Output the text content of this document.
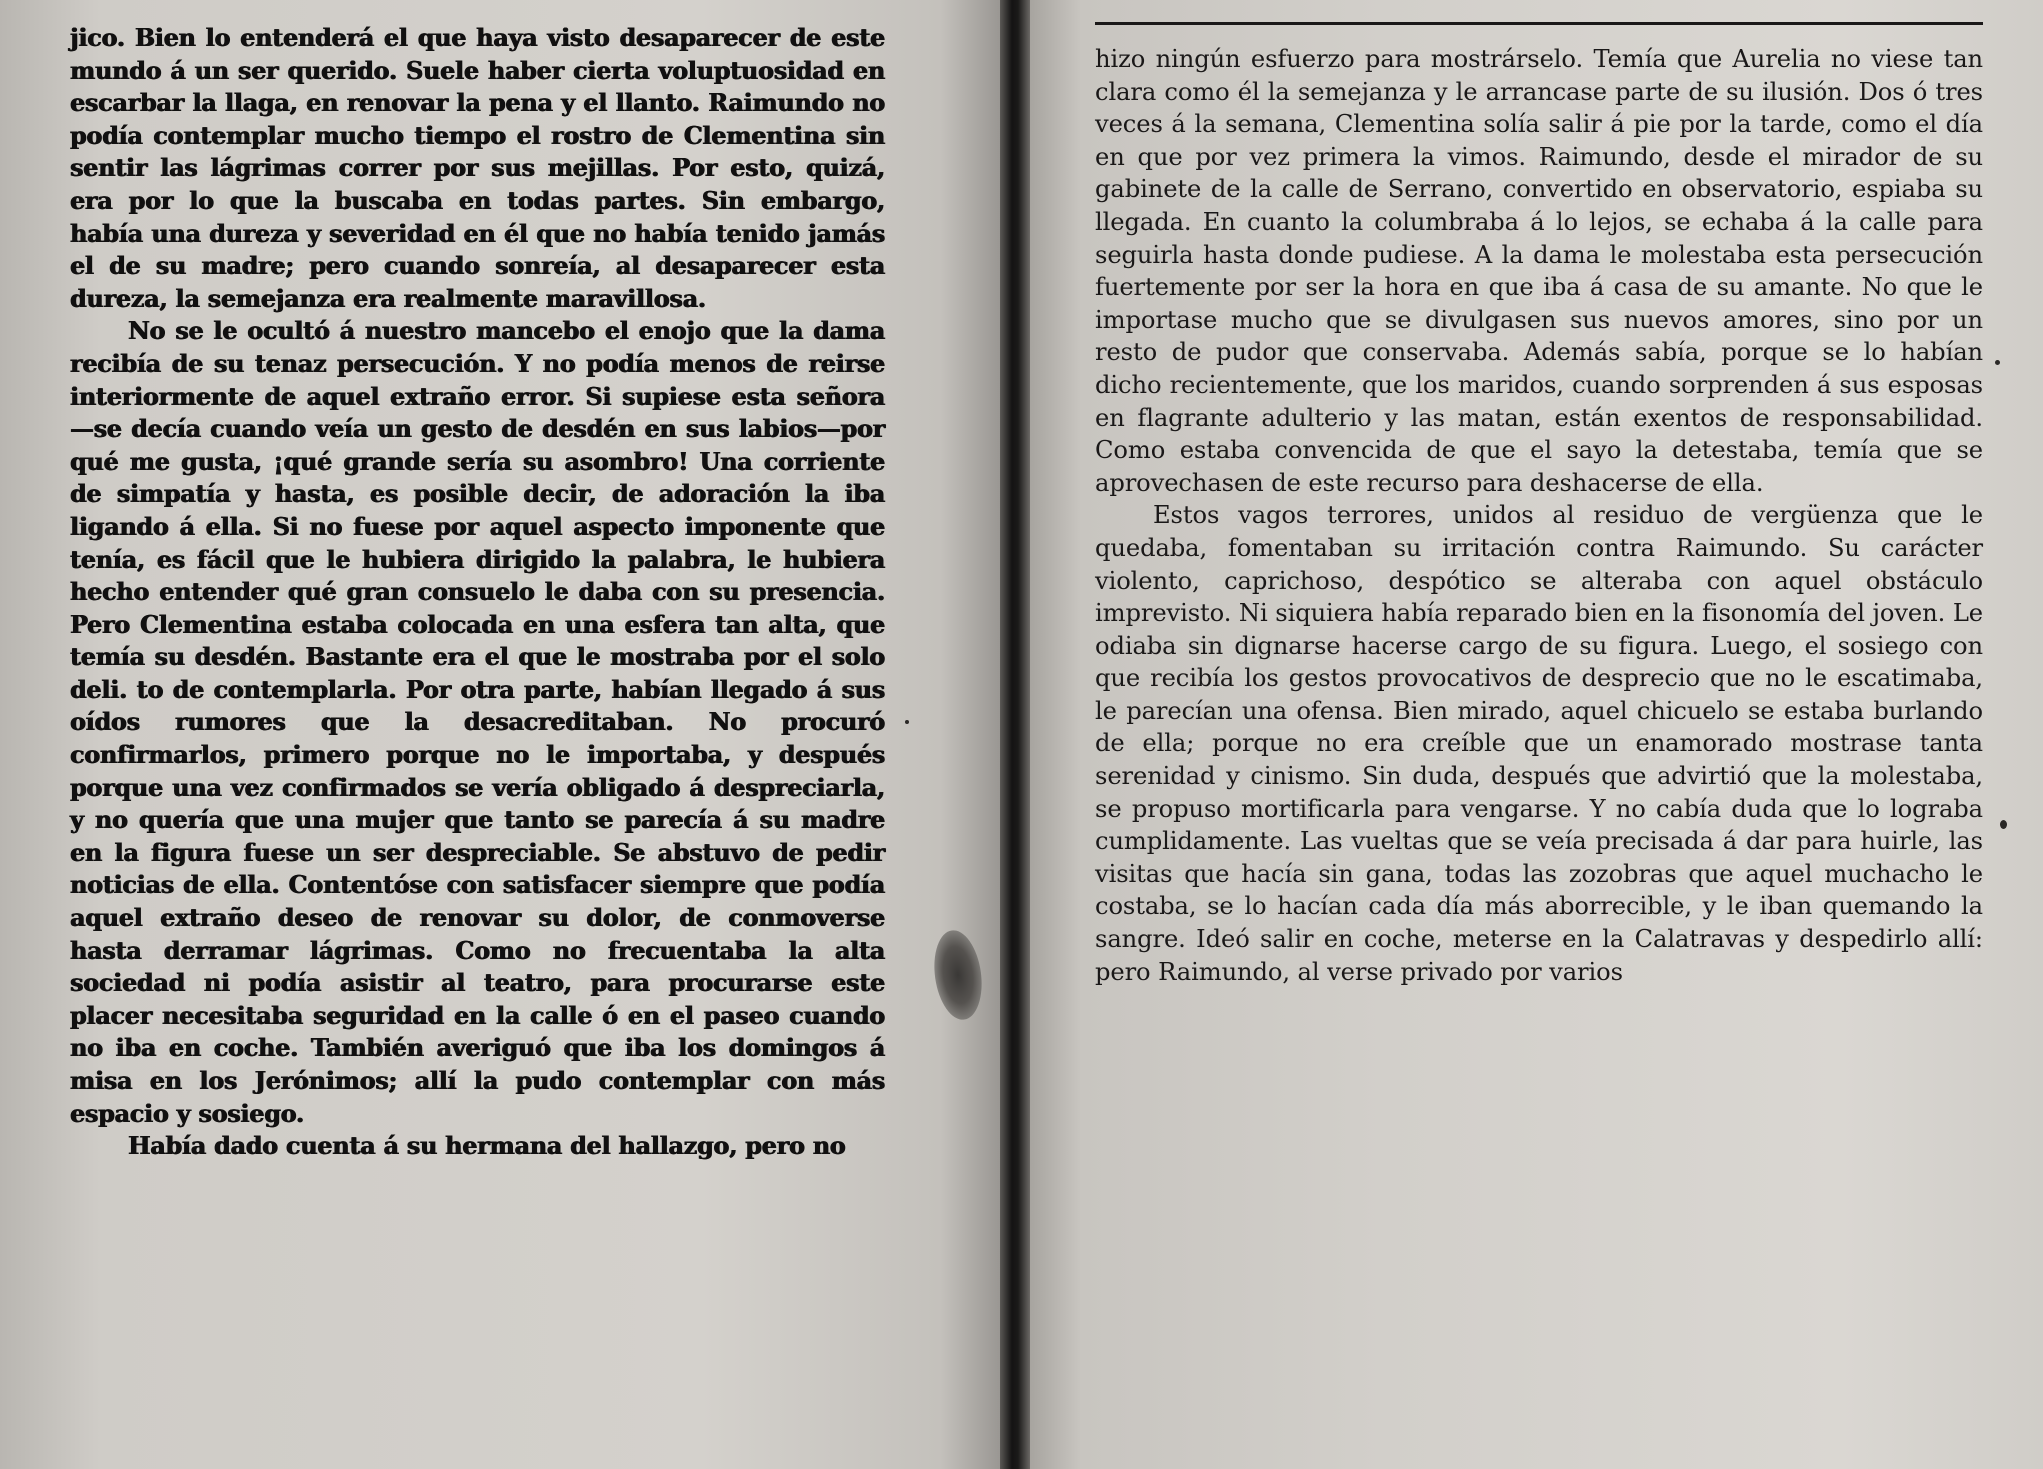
jico. Bien lo entenderá el que haya visto desaparecer de este mundo á un ser querido. Suele haber cierta voluptuosidad en escarbar la llaga, en renovar la pena y el llanto. Raimundo no podía contemplar mucho tiempo el rostro de Clementina sin sentir las lágrimas correr por sus mejillas. Por esto, quizá, era por lo que la buscaba en todas partes. Sin embargo, había una dureza y severidad en él que no había tenido jamás el de su madre; pero cuando sonreía, al desaparecer esta dureza, la semejanza era realmente maravillosa.

No se le ocultó á nuestro mancebo el enojo que la dama recibía de su tenaz persecución. Y no podía menos de reirse interiormente de aquel extraño error. Si supiese esta señora—se decía cuando veía un gesto de desdén en sus labios—por qué me gusta, ¡qué grande sería su asombro! Una corriente de simpatía y hasta, es posible decir, de adoración la iba ligando á ella. Si no fuese por aquel aspecto imponente que tenía, es fácil que le hubiera dirigido la palabra, le hubiera hecho entender qué gran consuelo le daba con su presencia. Pero Clementina estaba colocada en una esfera tan alta, que temía su desdén. Bastante era el que le mostraba por el solo deli. to de contemplarla. Por otra parte, habían llegado á sus oídos rumores que la desacreditaban. No procuró confirmarlos, primero porque no le importaba, y después porque una vez confirmados se vería obligado á despreciarla, y no quería que una mujer que tanto se parecía á su madre en la figura fuese un ser despreciable. Se abstuvo de pedir noticias de ella. Contentóse con satisfacer siempre que podía aquel extraño deseo de renovar su dolor, de conmoverse hasta derramar lágrimas. Como no frecuentaba la alta sociedad ni podía asistir al teatro, para procurarse este placer necesitaba seguridad en la calle ó en el paseo cuando no iba en coche. También averiguó que iba los domingos á misa en los Jerónimos; allí la pudo contemplar con más espacio y sosiego.

Había dado cuenta á su hermana del hallazgo, pero no

hizo ningún esfuerzo para mostrárselo. Temía que Aurelia no viese tan clara como él la semejanza y le arrancase parte de su ilusión. Dos ó tres veces á la semana, Clementina solía salir á pie por la tarde, como el día en que por vez primera la vimos. Raimundo, desde el mirador de su gabinete de la calle de Serrano, convertido en observatorio, espiaba su llegada. En cuanto la columbraba á lo lejos, se echaba á la calle para seguirla hasta donde pudiese. A la dama le molestaba esta persecución fuertemente por ser la hora en que iba á casa de su amante. No que le importase mucho que se divulgasen sus nuevos amores, sino por un resto de pudor que conservaba. Además sabía, porque se lo habían dicho recientemente, que los maridos, cuando sorprenden á sus esposas en flagrante adulterio y las matan, están exentos de responsabilidad. Como estaba convencida de que el sayo la detestaba, temía que se aprovechasen de este recurso para deshacerse de ella.

Estos vagos terrores, unidos al residuo de vergüenza que le quedaba, fomentaban su irritación contra Raimundo. Su carácter violento, caprichoso, despótico se alteraba con aquel obstáculo imprevisto. Ni siquiera había reparado bien en la fisonomía del joven. Le odiaba sin dignarse hacerse cargo de su figura. Luego, el sosiego con que recibía los gestos provocativos de desprecio que no le escatimaba, le parecían una ofensa. Bien mirado, aquel chicuelo se estaba burlando de ella; porque no era creíble que un enamorado mostrase tanta serenidad y cinismo. Sin duda, después que advirtió que la molestaba, se propuso mortificarla para vengarse. Y no cabía duda que lo lograba cumplidamente. Las vueltas que se veía precisada á dar para huirle, las visitas que hacía sin gana, todas las zozobras que aquel muchacho le costaba, se lo hacían cada día más aborrecible, y le iban quemando la sangre. Ideó salir en coche, meterse en la Calatravas y despedirlo allí: pero Raimundo, al verse privado por varios
